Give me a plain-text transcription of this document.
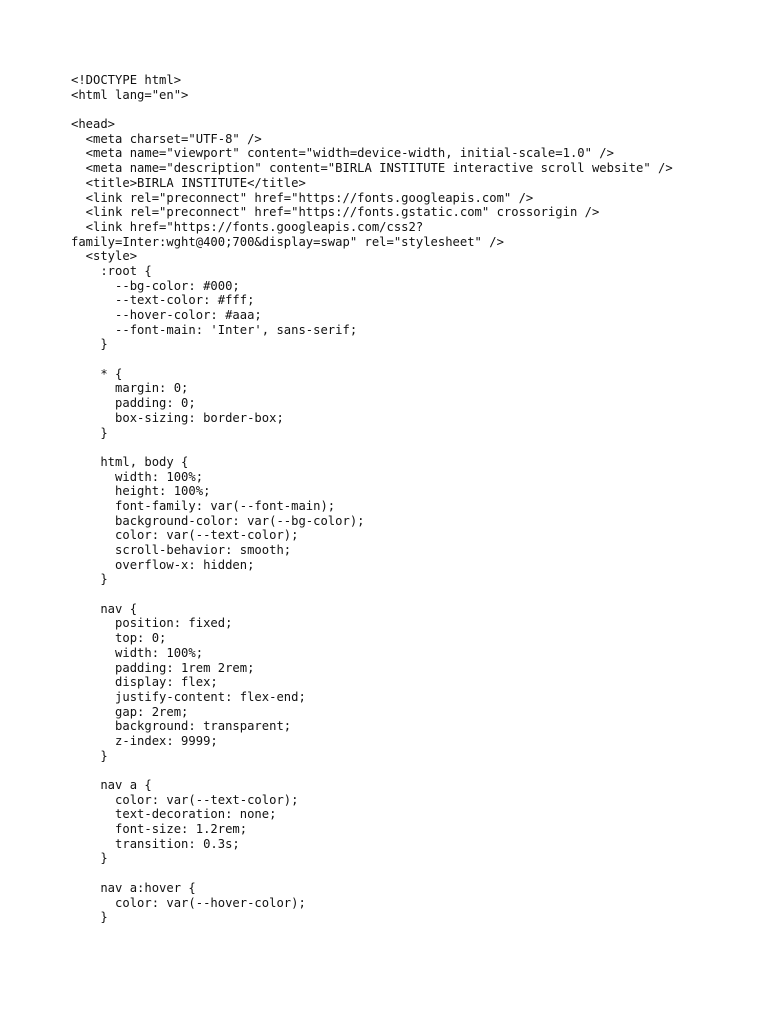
<!DOCTYPE html>
<html lang="en">
<head>
<meta charset="UTF-8" />
<meta name="viewport" content="width=device-width, initial-scale=1.0" />
<meta name="description" content="BIRLA INSTITUTE interactive scroll website" />
<title>BIRLA INSTITUTE</title>
<link rel="preconnect" href="https://fonts.googleapis.com" />
<link rel="preconnect" href="https://fonts.gstatic.com" crossorigin />
<link href="https://fonts.googleapis.com/css2?
family=Inter:wght@400;700&display=swap" rel="stylesheet" />
<style>
:root {
--bg-color: #000;
--text-color: #fff;
--hover-color: #aaa;
--font-main: 'Inter', sans-serif;
}
* {
margin: 0;
padding: 0;
box-sizing: border-box;
}
html, body {
width: 100%;
height: 100%;
font-family: var(--font-main);
background-color: var(--bg-color);
color: var(--text-color);
scroll-behavior: smooth;
overflow-x: hidden;
}
nav {
position: fixed;
top: 0;
width: 100%;
padding: 1rem 2rem;
display: flex;
justify-content: flex-end;
gap: 2rem;
background: transparent;
z-index: 9999;
}
nav a {
color: var(--text-color);
text-decoration: none;
font-size: 1.2rem;
transition: 0.3s;
}
nav a:hover {
color: var(--hover-color);
}
